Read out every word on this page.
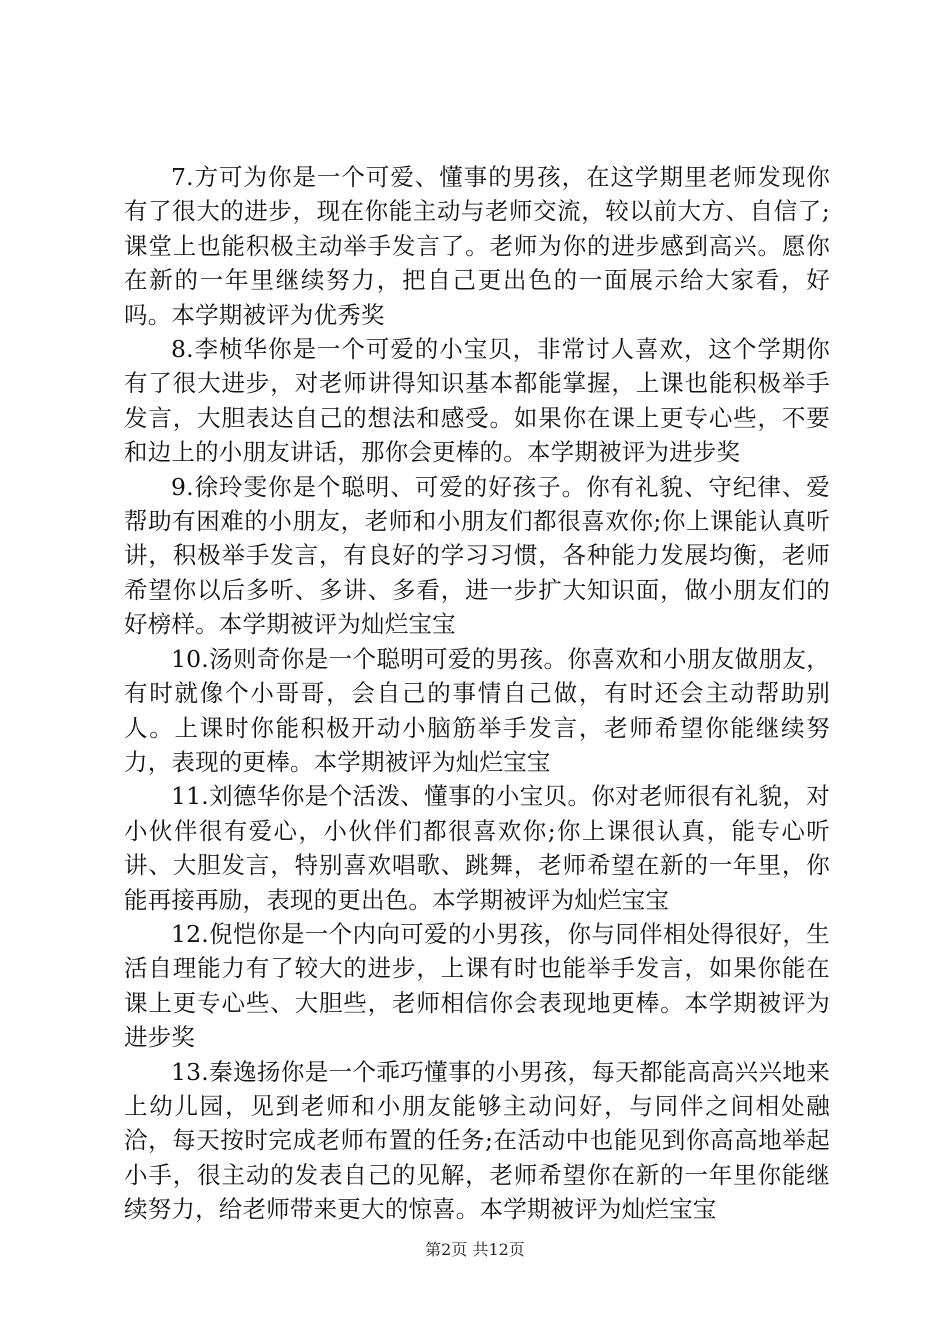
7.方可为你是一个可爱、懂事的男孩，在这学期里老师发现你有了很大的进步，现在你能主动与老师交流，较以前大方、自信了;课堂上也能积极主动举手发言了。老师为你的进步感到高兴。愿你在新的一年里继续努力，把自己更出色的一面展示给大家看，好吗。本学期被评为优秀奖

8.李桢华你是一个可爱的小宝贝，非常讨人喜欢，这个学期你有了很大进步，对老师讲得知识基本都能掌握，上课也能积极举手发言，大胆表达自己的想法和感受。如果你在课上更专心些，不要和边上的小朋友讲话，那你会更棒的。本学期被评为进步奖

9.徐玲雯你是个聪明、可爱的好孩子。你有礼貌、守纪律、爱帮助有困难的小朋友，老师和小朋友们都很喜欢你;你上课能认真听讲，积极举手发言，有良好的学习习惯，各种能力发展均衡，老师希望你以后多听、多讲、多看，进一步扩大知识面，做小朋友们的好榜样。本学期被评为灿烂宝宝

10.汤则奇你是一个聪明可爱的男孩。你喜欢和小朋友做朋友，有时就像个小哥哥，会自己的事情自己做，有时还会主动帮助别人。上课时你能积极开动小脑筋举手发言，老师希望你能继续努力，表现的更棒。本学期被评为灿烂宝宝

11.刘德华你是个活泼、懂事的小宝贝。你对老师很有礼貌，对小伙伴很有爱心，小伙伴们都很喜欢你;你上课很认真，能专心听讲、大胆发言，特别喜欢唱歌、跳舞，老师希望在新的一年里，你能再接再励，表现的更出色。本学期被评为灿烂宝宝

12.倪恺你是一个内向可爱的小男孩，你与同伴相处得很好，生活自理能力有了较大的进步，上课有时也能举手发言，如果你能在课上更专心些、大胆些，老师相信你会表现地更棒。本学期被评为进步奖

13.秦逸扬你是一个乖巧懂事的小男孩，每天都能高高兴兴地来上幼儿园，见到老师和小朋友能够主动问好，与同伴之间相处融洽，每天按时完成老师布置的任务;在活动中也能见到你高高地举起小手，很主动的发表自己的见解，老师希望你在新的一年里你能继续努力，给老师带来更大的惊喜。本学期被评为灿烂宝宝

第2页 共12页
